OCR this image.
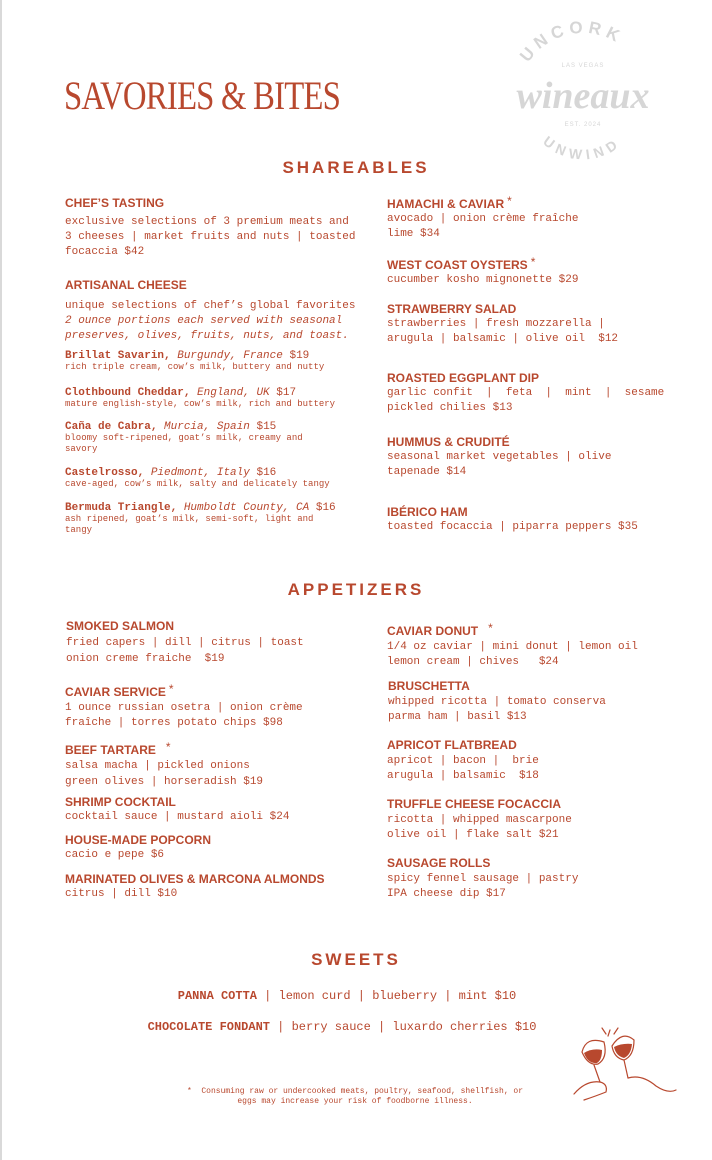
SAVORIES & BITES
UNCORK
LAS VEGAS
wineaux
EST. 2024
UNWIND
SHAREABLES
CHEF’S TASTING
exclusive selections of 3 premium meats and
3 cheeses | market fruits and nuts | toasted
focaccia $42
ARTISANAL CHEESE
unique selections of chef’s global favorites
2 ounce portions each served with seasonal
preserves, olives, fruits, nuts, and toast.
Brillat Savarin, Burgundy, France $19
rich triple cream, cow’s milk, buttery and nutty
Clothbound Cheddar, England, UK $17
mature english-style, cow’s milk, rich and buttery
Caña de Cabra, Murcia, Spain $15
bloomy soft-ripened, goat’s milk, creamy and
savory
Castelrosso, Piedmont, Italy $16
cave-aged, cow’s milk, salty and delicately tangy
Bermuda Triangle, Humboldt County, CA $16
ash ripened, goat’s milk, semi-soft, light and
tangy
HAMACHI & CAVIAR *
avocado | onion crème fraîche
lime $34
WEST COAST OYSTERS *
cucumber kosho mignonette $29
STRAWBERRY SALAD
strawberries | fresh mozzarella |
arugula | balsamic | olive oil  $12
ROASTED EGGPLANT DIP
garlic confit  |  feta  |  mint  |  sesame
pickled chilies $13
HUMMUS & CRUDITÉ
seasonal market vegetables | olive
tapenade $14
IBÉRICO HAM
toasted focaccia | piparra peppers $35
APPETIZERS
SMOKED SALMON
fried capers | dill | citrus | toast
onion creme fraiche  $19
CAVIAR SERVICE *
1 ounce russian osetra | onion crème
fraîche | torres potato chips $98
BEEF TARTARE *
salsa macha | pickled onions
green olives | horseradish $19
SHRIMP COCKTAIL
cocktail sauce | mustard aioli $24
HOUSE-MADE POPCORN
cacio e pepe $6
MARINATED OLIVES & MARCONA ALMONDS
citrus | dill $10
CAVIAR DONUT *
1/4 oz caviar | mini donut | lemon oil
lemon cream | chives   $24
BRUSCHETTA
whipped ricotta | tomato conserva
parma ham | basil $13
APRICOT FLATBREAD
apricot | bacon |  brie
arugula | balsamic  $18
TRUFFLE CHEESE FOCACCIA
ricotta | whipped mascarpone
olive oil | flake salt $21
SAUSAGE ROLLS
spicy fennel sausage | pastry
IPA cheese dip $17
SWEETS
PANNA COTTA | lemon curd | blueberry | mint $10
CHOCOLATE FONDANT | berry sauce | luxardo cherries $10
*  Consuming raw or undercooked meats, poultry, seafood, shellfish, or
eggs may increase your risk of foodborne illness.
